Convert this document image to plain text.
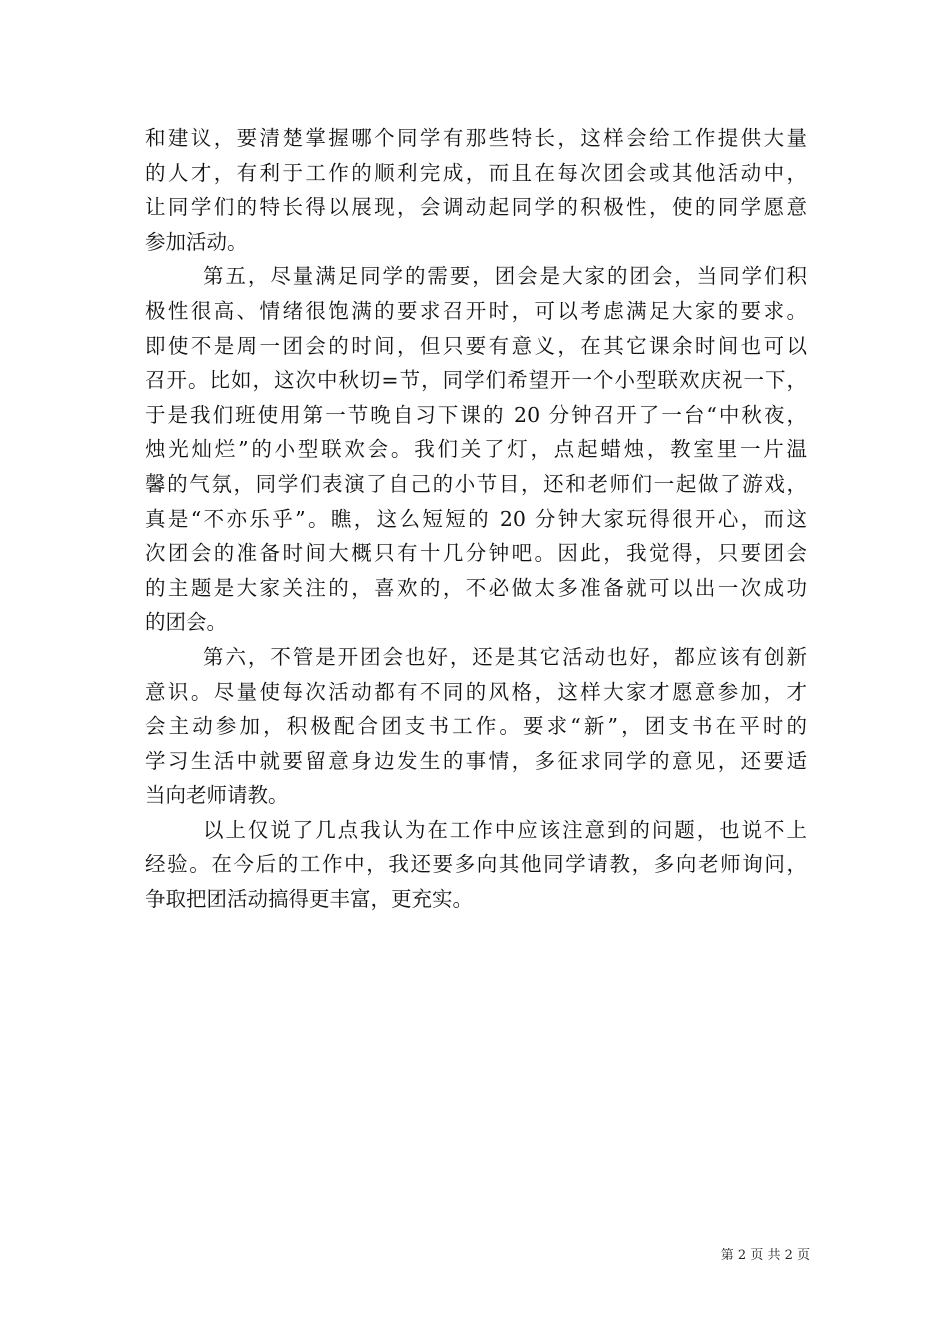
和建议，要清楚掌握哪个同学有那些特长，这样会给工作提供大量
的人才，有利于工作的顺利完成，而且在每次团会或其他活动中，
让同学们的特长得以展现，会调动起同学的积极性，使的同学愿意
参加活动。
第五，尽量满足同学的需要，团会是大家的团会，当同学们积
极性很高、情绪很饱满的要求召开时，可以考虑满足大家的要求。
即使不是周一团会的时间，但只要有意义，在其它课余时间也可以
召开。比如，这次中秋切=节，同学们希望开一个小型联欢庆祝一下，
于是我们班使用第一节晚自习下课的 20 分钟召开了一台“中秋夜，
烛光灿烂”的小型联欢会。我们关了灯，点起蜡烛，教室里一片温
馨的气氛，同学们表演了自己的小节目，还和老师们一起做了游戏，
真是“不亦乐乎”。瞧，这么短短的 20 分钟大家玩得很开心，而这
次团会的准备时间大概只有十几分钟吧。因此，我觉得，只要团会
的主题是大家关注的，喜欢的，不必做太多准备就可以出一次成功
的团会。
第六，不管是开团会也好，还是其它活动也好，都应该有创新
意识。尽量使每次活动都有不同的风格，这样大家才愿意参加，才
会主动参加，积极配合团支书工作。要求“新”，团支书在平时的
学习生活中就要留意身边发生的事情，多征求同学的意见，还要适
当向老师请教。
以上仅说了几点我认为在工作中应该注意到的问题，也说不上
经验。在今后的工作中，我还要多向其他同学请教，多向老师询问，
争取把团活动搞得更丰富，更充实。
第 2 页 共 2 页
